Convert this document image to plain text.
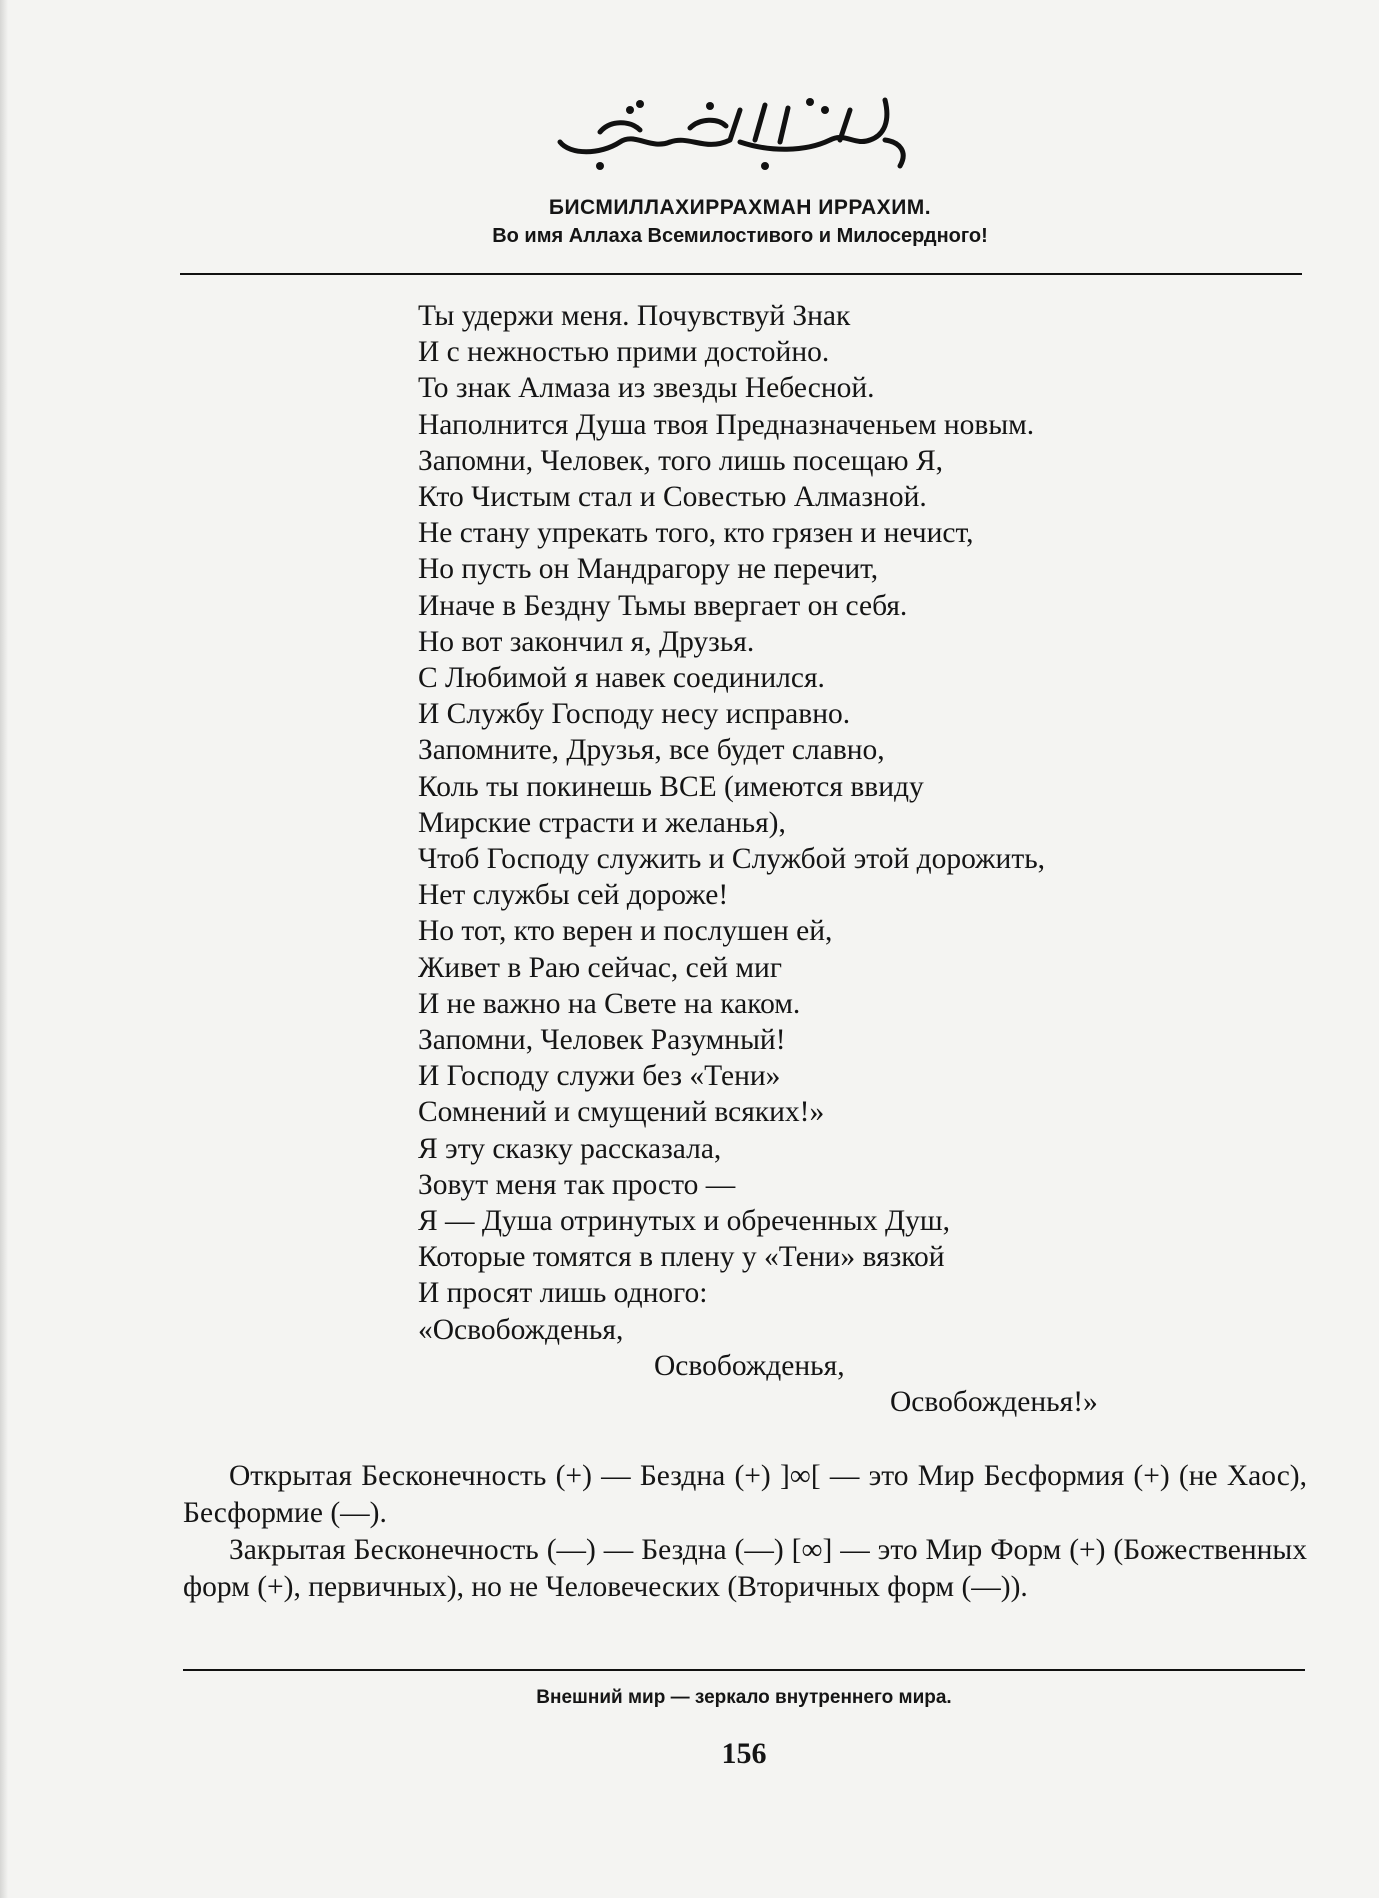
БИСМИЛЛАХИРРАХМАН ИРРАХИМ.
Во имя Аллаха Всемилостивого и Милосердного!
Ты удержи меня. Почувствуй Знак
И с нежностью прими достойно.
То знак Алмаза из звезды Небесной.
Наполнится Душа твоя Предназначеньем новым.
Запомни, Человек, того лишь посещаю Я,
Кто Чистым стал и Совестью Алмазной.
Не стану упрекать того, кто грязен и нечист,
Но пусть он Мандрагору не перечит,
Иначе в Бездну Тьмы ввергает он себя.
Но вот закончил я, Друзья.
С Любимой я навек соединился.
И Службу Господу несу исправно.
Запомните, Друзья, все будет славно,
Коль ты покинешь ВСЕ (имеются ввиду
Мирские страсти и желанья),
Чтоб Господу служить и Службой этой дорожить,
Нет службы сей дороже!
Но тот, кто верен и послушен ей,
Живет в Раю сейчас, сей миг
И не важно на Свете на каком.
Запомни, Человек Разумный!
И Господу служи без «Тени»
Сомнений и смущений всяких!»
Я эту сказку рассказала,
Зовут меня так просто —
Я — Душа отринутых и обреченных Душ,
Которые томятся в плену у «Тени» вязкой
И просят лишь одного:
«Освобожденья,
Освобожденья,
Освобожденья!»

Открытая Бесконечность (+) — Бездна (+) ]∞[ — это Мир Бесформия (+) (не Хаос), Бесформие (—).

Закрытая Бесконечность (—) — Бездна (—) [∞] — это Мир Форм (+) (Божественных форм (+), первичных), но не Человеческих (Вторичных форм (—)).

Внешний мир — зеркало внутреннего мира.
156
